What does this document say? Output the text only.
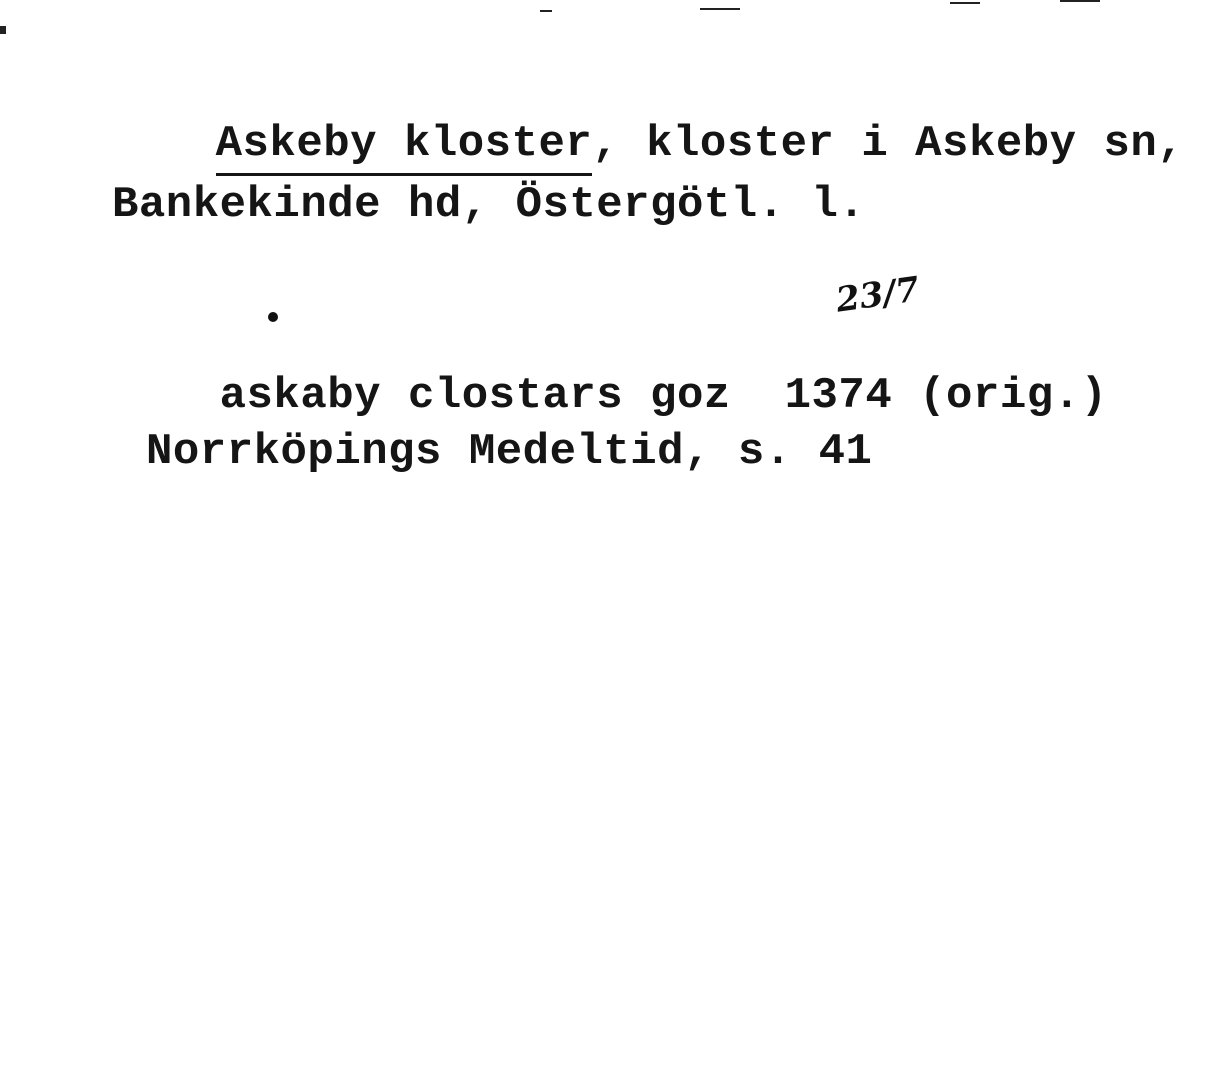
Askeby kloster, kloster i Askeby sn,

Bankekinde hd, Östergötl. l.

askaby clostars goz 1374 (orig.)

23/7
Norrköpings Medeltid, s. 41
